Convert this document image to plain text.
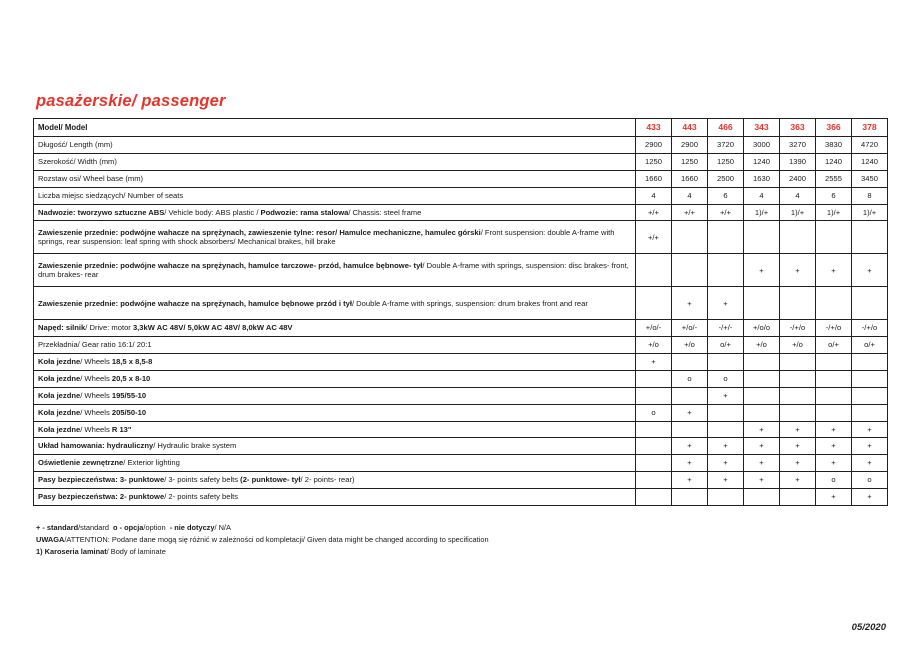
pasażerskie/ passenger
Model/ Model	433	443	466	343	363	366	378
Długość/ Length (mm)	2900	2900	3720	3000	3270	3830	4720
Szerokość/ Width (mm)	1250	1250	1250	1240	1390	1240	1240
Rozstaw osi/ Wheel base (mm)	1660	1660	2500	1630	2400	2555	3450
Liczba miejsc siedzących/ Number of seats	4	4	6	4	4	6	8
Nadwozie: tworzywo sztuczne ABS/ Vehicle body: ABS plastic / Podwozie: rama stalowa/ Chassis: steel frame	+/+	+/+	+/+	1)/+	1)/+	1)/+	1)/+
Zawieszenie przednie: podwójne wahacze na sprężynach, zawieszenie tylne: resor/ Hamulce mechaniczne, hamulec górski/ Front suspension: double A-frame with springs, rear suspension: leaf spring with shock absorbers/ Mechanical brakes, hill brake	+/+						
Zawieszenie przednie: podwójne wahacze na sprężynach, hamulce tarczowe- przód, hamulce bębnowe- tył/ Double A-frame with springs, suspension: disc brakes- front, drum brakes- rear				+	+	+	+
Zawieszenie przednie: podwójne wahacze na sprężynach, hamulce bębnowe przód i tył/ Double A-frame with springs, suspension: drum brakes front and rear		+	+				
Napęd: silnik/ Drive: motor 3,3kW AC 48V/ 5,0kW AC 48V/ 8,0kW AC 48V	+/o/-	+/o/-	-/+/-	+/o/o	-/+/o	-/+/o	-/+/o
Przekładnia/ Gear ratio 16:1/ 20:1	+/o	+/o	o/+	+/o	+/o	o/+	o/+
Koła jezdne/ Wheels 18,5 x 8,5-8	+						
Koła jezdne/ Wheels 20,5 x 8-10		o	o				
Koła jezdne/ Wheels 195/55-10			+				
Koła jezdne/ Wheels 205/50-10	o	+					
Koła jezdne/ Wheels R 13"				+	+	+	+
Układ hamowania: hydrauliczny/ Hydraulic brake system		+	+	+	+	+	+
Oświetlenie zewnętrzne/ Exterior lighting		+	+	+	+	+	+
Pasy bezpieczeństwa: 3- punktowe/ 3- points safety belts (2- punktowe- tył/ 2- points- rear)		+	+	+	+	o	o
Pasy bezpieczeństwa: 2- punktowe/ 2- points safety belts						+	+
+ - standard/standard  o - opcja/option  - nie dotyczy/ N/A
UWAGA/ATTENTION: Podane dane mogą się różnić w zależności od kompletacji/ Given data might be changed according to specification
1) Karoseria laminat/ Body of laminate
05/2020
